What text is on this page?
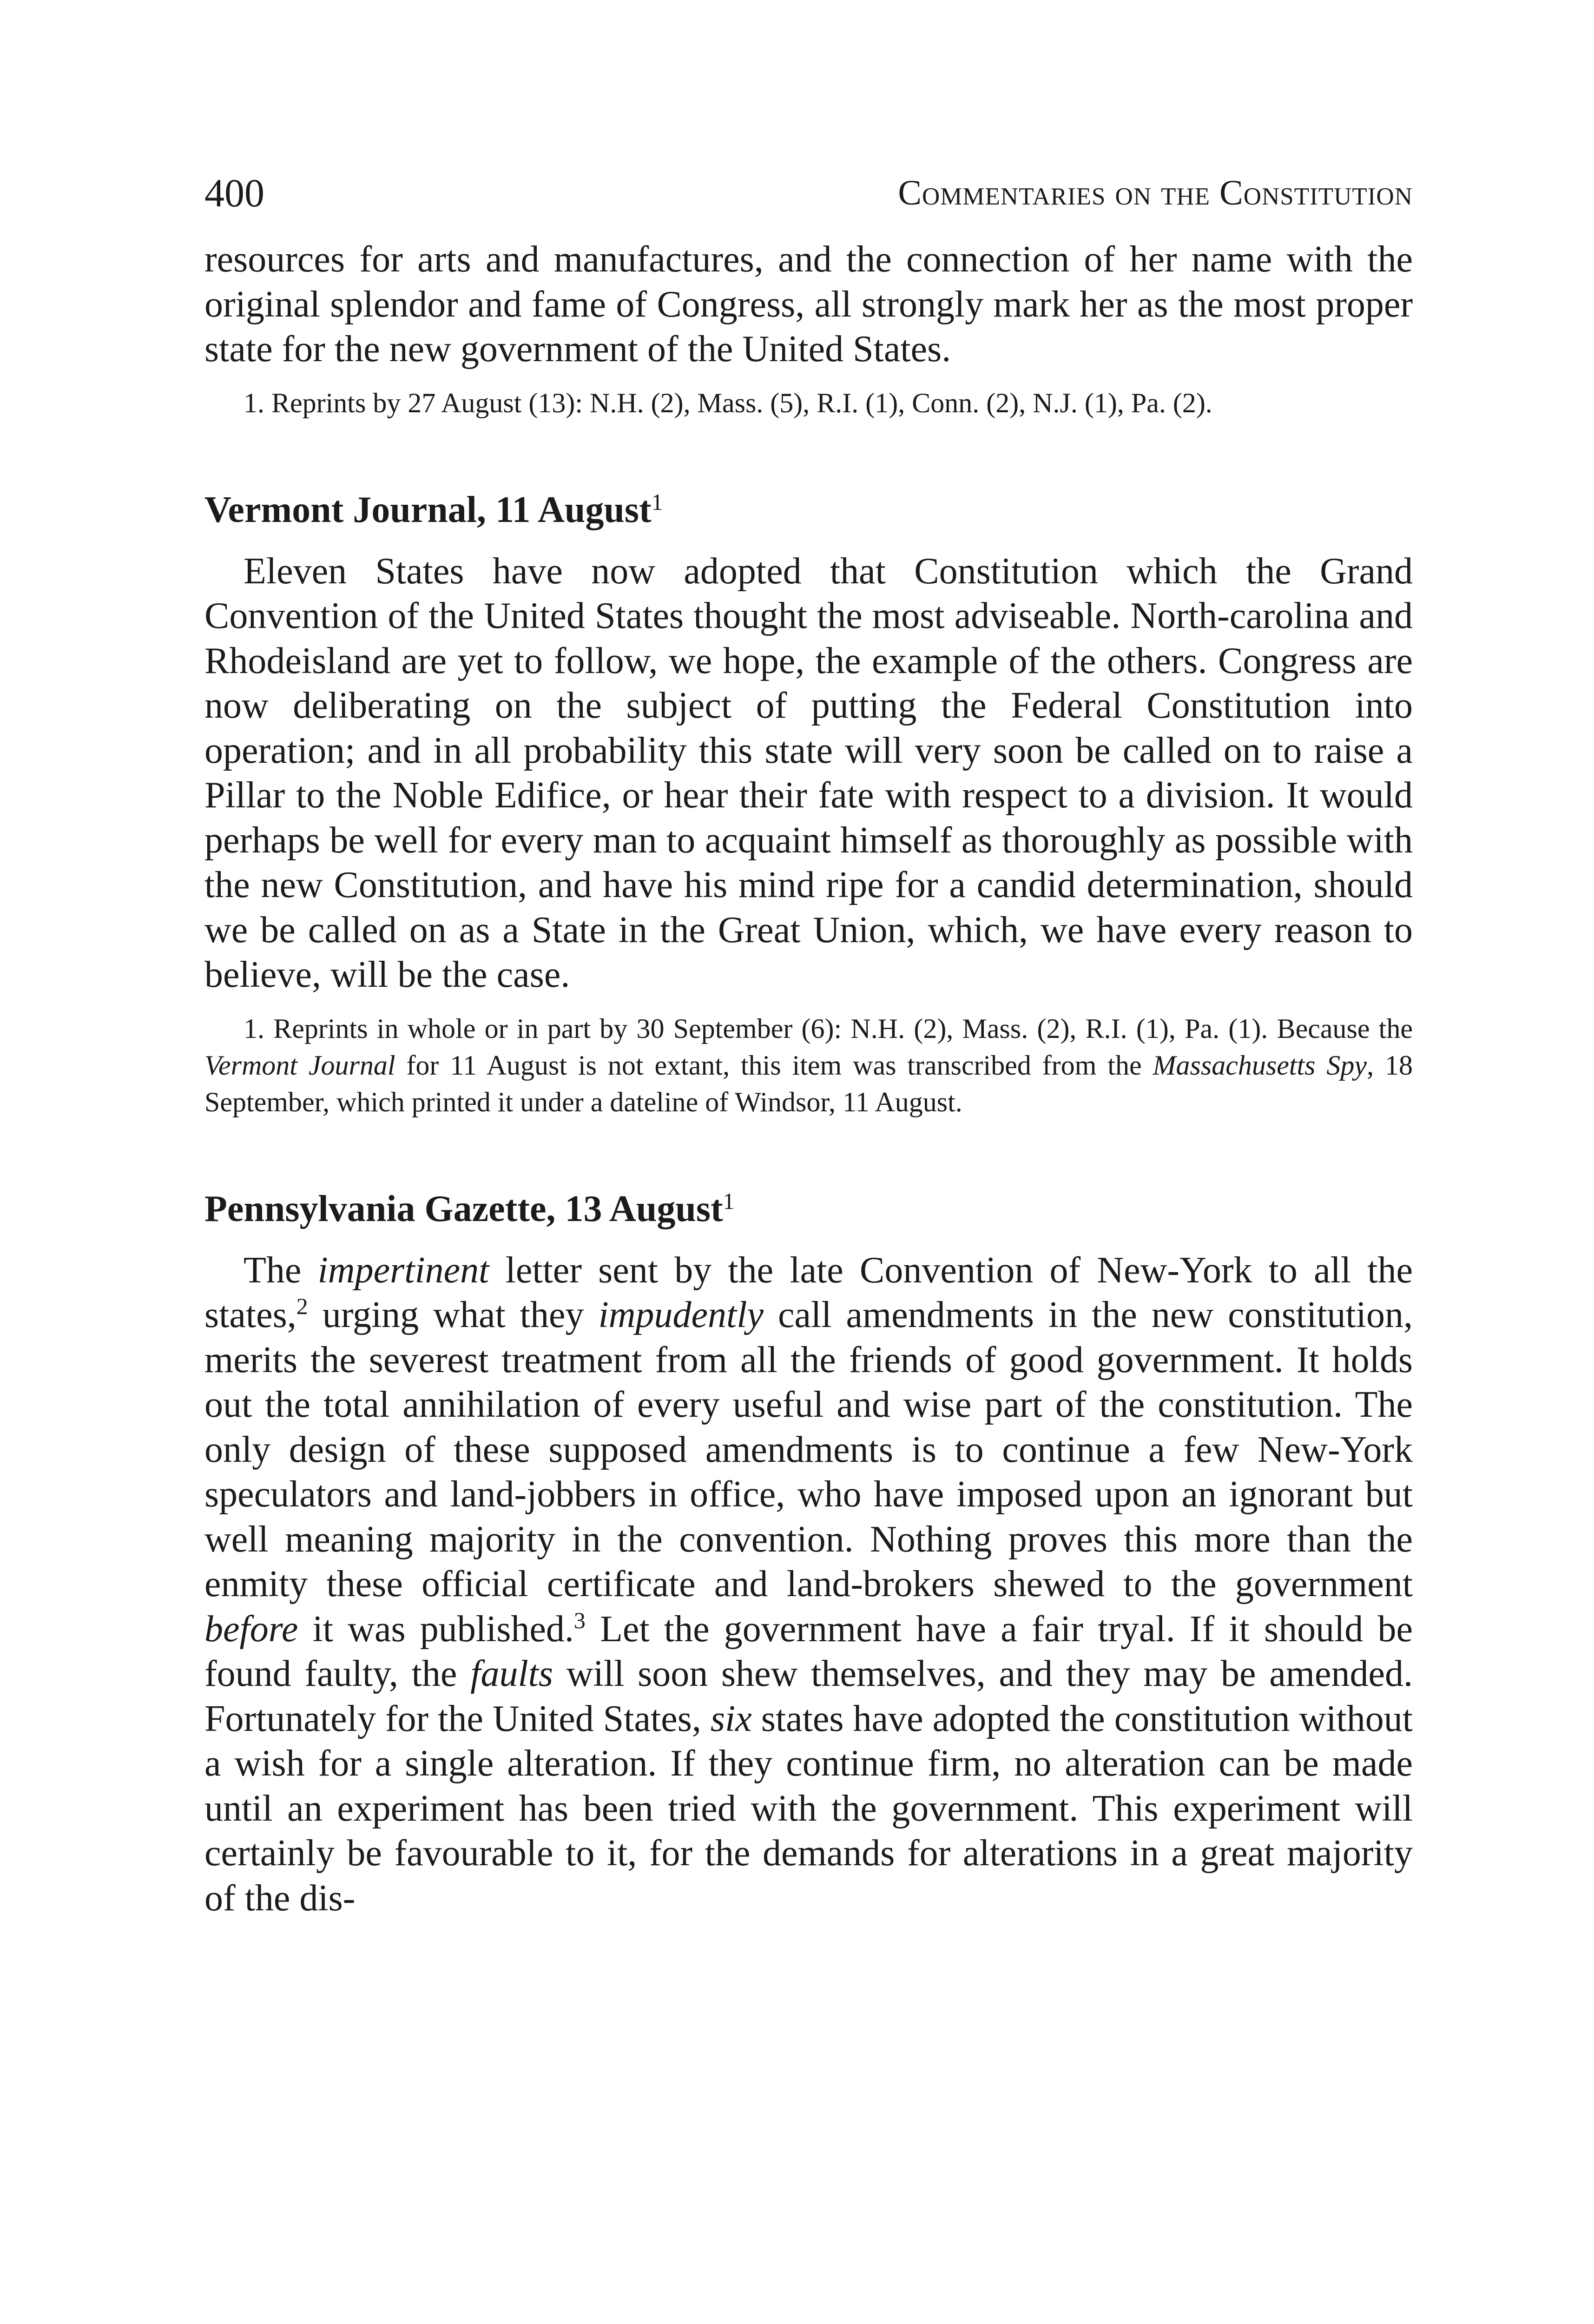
400	Commentaries on the Constitution

resources for arts and manufactures, and the connection of her name with the original splendor and fame of Congress, all strongly mark her as the most proper state for the new government of the United States.

1. Reprints by 27 August (13): N.H. (2), Mass. (5), R.I. (1), Conn. (2), N.J. (1), Pa. (2).

Vermont Journal, 11 August$^1$

Eleven States have now adopted that Constitution which the Grand Convention of the United States thought the most adviseable. North-carolina and Rhodeisland are yet to follow, we hope, the example of the others. Congress are now deliberating on the subject of putting the Federal Constitution into operation; and in all probability this state will very soon be called on to raise a Pillar to the Noble Edifice, or hear their fate with respect to a division. It would perhaps be well for every man to acquaint himself as thoroughly as possible with the new Constitution, and have his mind ripe for a candid determination, should we be called on as a State in the Great Union, which, we have every reason to believe, will be the case.

1. Reprints in whole or in part by 30 September (6): N.H. (2), Mass. (2), R.I. (1), Pa. (1). Because the Vermont Journal for 11 August is not extant, this item was transcribed from the Massachusetts Spy, 18 September, which printed it under a dateline of Windsor, 11 August.

Pennsylvania Gazette, 13 August$^1$

The impertinent letter sent by the late Convention of New-York to all the states,$^2$ urging what they impudently call amendments in the new constitution, merits the severest treatment from all the friends of good government. It holds out the total annihilation of every useful and wise part of the constitution. The only design of these supposed amendments is to continue a few New-York speculators and land-jobbers in office, who have imposed upon an ignorant but well meaning majority in the convention. Nothing proves this more than the enmity these official certificate and land-brokers shewed to the government before it was published.$^3$ Let the government have a fair tryal. If it should be found faulty, the faults will soon shew themselves, and they may be amended. Fortunately for the United States, six states have adopted the constitution without a wish for a single alteration. If they continue firm, no alteration can be made until an experiment has been tried with the government. This experiment will certainly be favourable to it, for the demands for alterations in a great majority of the dis-
